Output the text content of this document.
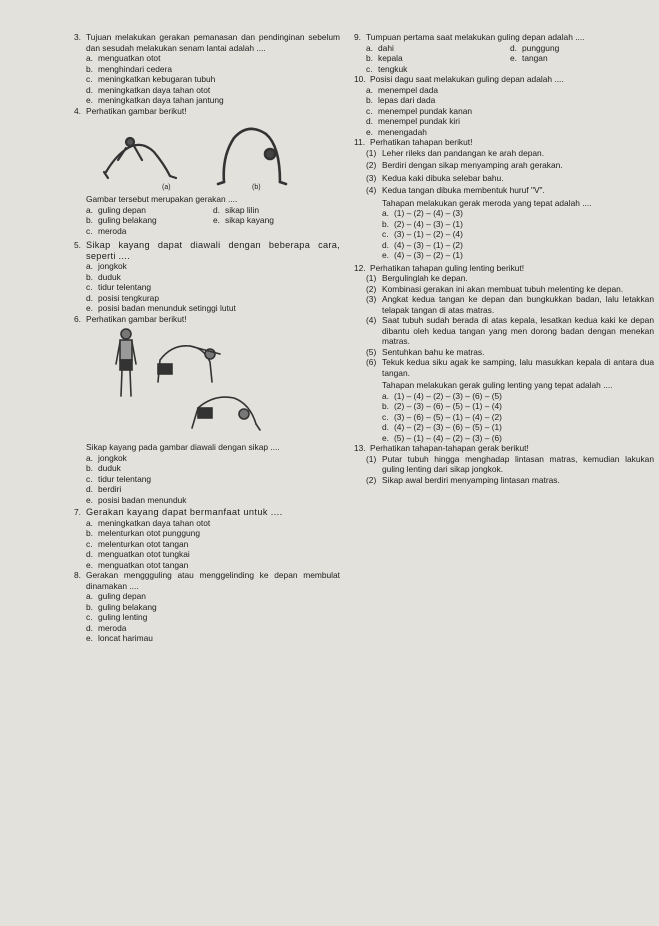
3. Tujuan melakukan gerakan pemanasan dan pendinginan sebelum dan sesudah melakukan senam lantai adalah ....
a. menguatkan otot
b. menghindari cedera
c. meningkatkan kebugaran tubuh
d. meningkatkan daya tahan otot
e. meningkatkan daya tahan jantung
4. Perhatikan gambar berikut!
(a)	(b)
Gambar tersebut merupakan gerakan ....
a. guling depan	d. sikap lilin
b. guling belakang	e. sikap kayang
c. meroda
5. Sikap kayang dapat diawali dengan beberapa cara, seperti ....
a. jongkok
b. duduk
c. tidur telentang
d. posisi tengkurap
e. posisi badan menunduk setinggi lutut
6. Perhatikan gambar berikut!
Sikap kayang pada gambar diawali dengan sikap ....
a. jongkok
b. duduk
c. tidur telentang
d. berdiri
e. posisi badan menunduk
7. Gerakan kayang dapat bermanfaat untuk ....
a. meningkatkan daya tahan otot
b. melenturkan otot punggung
c. melenturkan otot tangan
d. menguatkan otot tungkai
e. menguatkan otot tangan
8. Gerakan menggguling atau menggelinding ke depan membulat dinamakan ....
a. guling depan
b. guling belakang
c. guling lenting
d. meroda
e. loncat harimau
9. Tumpuan pertama saat melakukan guling depan adalah ....
a. dahi	d. punggung
b. kepala	e. tangan
c. tengkuk
10. Posisi dagu saat melakukan guling depan adalah ....
a. menempel dada
b. lepas dari dada
c. menempel pundak kanan
d. menempel pundak kiri
e. menengadah
11. Perhatikan tahapan berikut!
(1) Leher rileks dan pandangan ke arah depan.
(2) Berdiri dengan sikap menyamping arah gerakan.
(3) Kedua kaki dibuka selebar bahu.
(4) Kedua tangan dibuka membentuk huruf "V".
Tahapan melakukan gerak meroda yang tepat adalah ....
a. (1) – (2) – (4) – (3)
b. (2) – (4) – (3) – (1)
c. (3) – (1) – (2) – (4)
d. (4) – (3) – (1) – (2)
e. (4) – (3) – (2) – (1)
12. Perhatikan tahapan guling lenting berikut!
(1) Bergulinglah ke depan.
(2) Kombinasi gerakan ini akan membuat tubuh melenting ke depan.
(3) Angkat kedua tangan ke depan dan bungkukkan badan, lalu letakkan telapak tangan di atas matras.
(4) Saat tubuh sudah berada di atas kepala, lesatkan kedua kaki ke depan dibantu oleh kedua tangan yang men dorong badan dengan menekan matras.
(5) Sentuhkan bahu ke matras.
(6) Tekuk kedua siku agak ke samping, lalu masukkan kepala di antara dua tangan.
Tahapan melakukan gerak guling lenting yang tepat adalah ....
a. (1) – (4) – (2) – (3) – (6) – (5)
b. (2) – (3) – (6) – (5) – (1) – (4)
c. (3) – (6) – (5) – (1) – (4) – (2)
d. (4) – (2) – (3) – (6) – (5) – (1)
e. (5) – (1) – (4) – (2) – (3) – (6)
13. Perhatikan tahapan-tahapan gerak berikut!
(1) Putar tubuh hingga menghadap lintasan matras, kemudian lakukan guling lenting dari sikap jongkok.
(2) Sikap awal berdiri menyamping lintasan matras.
